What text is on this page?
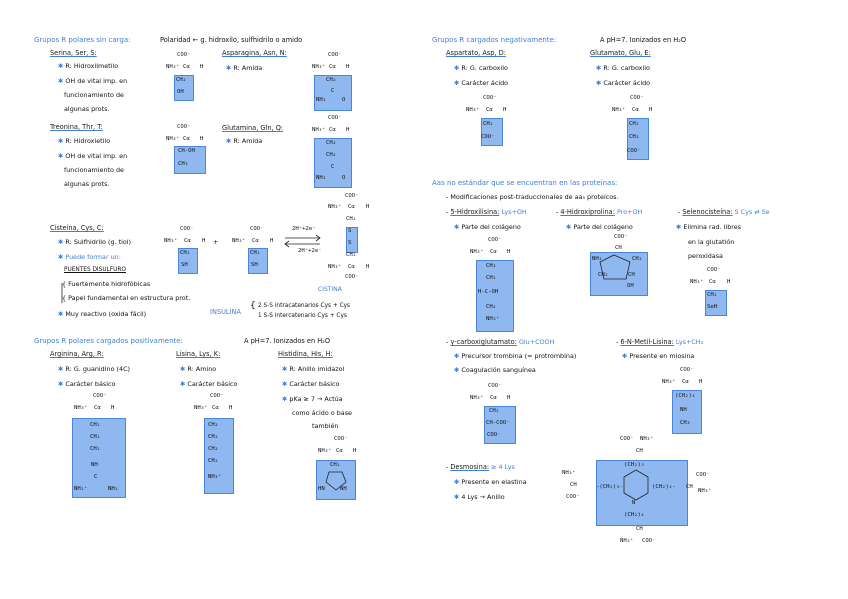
Grupos R polares sin carga:	Polaridad ← g. hidroxilo, sulfhidrilo o amido
Serina, Ser, S:
✱ R: Hidroxilmetilo
✱ OH de vital imp. en
funcionamiento de
algunas prots.
COO⁻
NH₃⁺ Cα H
CH₂
OH
Asparagina, Asn, N:
✱ R: Amida
COO⁻
NH₃⁺ Cα H
CH₂
C
NH₂	O
Treonina, Thr, T:
✱ R: Hidroxietilo
✱ OH de vital imp. en
funcionamiento de
algunas prots.
COO⁻
NH₃⁺ Cα H
CH-OH
CH₃
Glutamina, Gln, Q:
✱ R: Amida
COO⁻
NH₃⁺ Cα H
CH₂
CH₂
C
NH₂	O
Cisteína, Cys, C:
✱ R: Sulfhidrilo (g. tiol)
✱ Puede formar un:
PUENTES DISULFURO
{ Fuertemente hidrofóbicas
{ Papel fundamental en estructura prot.
✱ Muy reactivo (oxida fácil)
COO⁻
NH₃⁺ Cα H
CH₂
SH
+
COO⁻
NH₃⁺ Cα H
CH₂
SH
2H⁺+2e⁻
2H⁺+2e⁻
COO⁻
NH₃⁺ Cα H
CH₂
S
S
CH₂
NH₃⁺ Cα H
COO⁻
CISTINA
INSULINA
{ 2 S-S intracatenarios Cys + Cys
1 S-S intercatenario Cys + Cys
Grupos R polares cargados positivamente:	A pH=7. Ionizados en H₂O
Arginina, Arg, R:
✱ R: G. guanidino (4C)
✱ Carácter básico
COO⁻
NH₃⁺ Cα H
CH₂
CH₂
CH₂
NH
C
NH₂⁺	NH₂
Lisina, Lys, K:
✱ R: Amino
✱ Carácter básico
COO⁻
NH₃⁺ Cα H
CH₂
CH₂
CH₂
CH₂
NH₃⁺
Histidina, His, H:
✱ R: Anillo imidazol
✱ Carácter básico
✱ pKa ≥ 7 → Actúa
como ácido o base
también
COO⁻
NH₃⁺ Cα H
CH₂
HN	NH
Grupos R cargados negativamente:	A pH=7. Ionizados en H₂O
Aspartato, Asp, D:
✱ R: G. carboxilo
✱ Carácter ácido
COO⁻
NH₃⁺ Cα H
CH₂
COO⁻
Glutamato, Glu, E:
✱ R: G. carboxilo
✱ Carácter ácido
COO⁻
NH₃⁺ Cα H
CH₂
CH₂
COO⁻
Aas no estándar que se encuentran en las proteínas:
- Modificaciones post-traduccionales de aa₅ proteicos.
- 5-Hidroxilisina: Lys+OH	- 4-Hidroxiprolina: Pro+OH	- Selenocisteína: S Cys ⇄ Se
✱ Parte del colágeno	✱ Parte del colágeno	✱ Elimina rad. libres
en la glutatión
peroxidasa
COO⁻
NH₃⁺ Cα H
CH₂
CH₂
H-C-OH
CH₂
NH₃⁺
COO⁻
CH
NH₂	CH₂
CH₂	CH
OH
COO⁻
NH₃⁺ Cα H
CH₂
SeH
- γ-carboxiglutamato: Glu+COOH
✱ Precursor trombina (= protrombina)
✱ Coagulación sanguínea
COO⁻
NH₃⁺ Cα H
CH₂
CH-COO⁻
COO⁻
- 6-N-Metil-Lisina: Lys+CH₃
✱ Presente en miosina
COO⁻
NH₃⁺ Cα H
(CH₂)₄
NH
CH₃
- Desmosina: ≥ 4 Lys
✱ Presente en elastina
✱ 4 Lys → Anillo
COO⁻ NH₃⁺
CH
(CH₂)₃
-(CH₂)₃-	(CH₂)₂-
N
(CH₂)₄
NH₃⁺
CH
COO⁻
COO⁻
CH
NH₃⁺
CH
NH₃⁺ COO⁻
